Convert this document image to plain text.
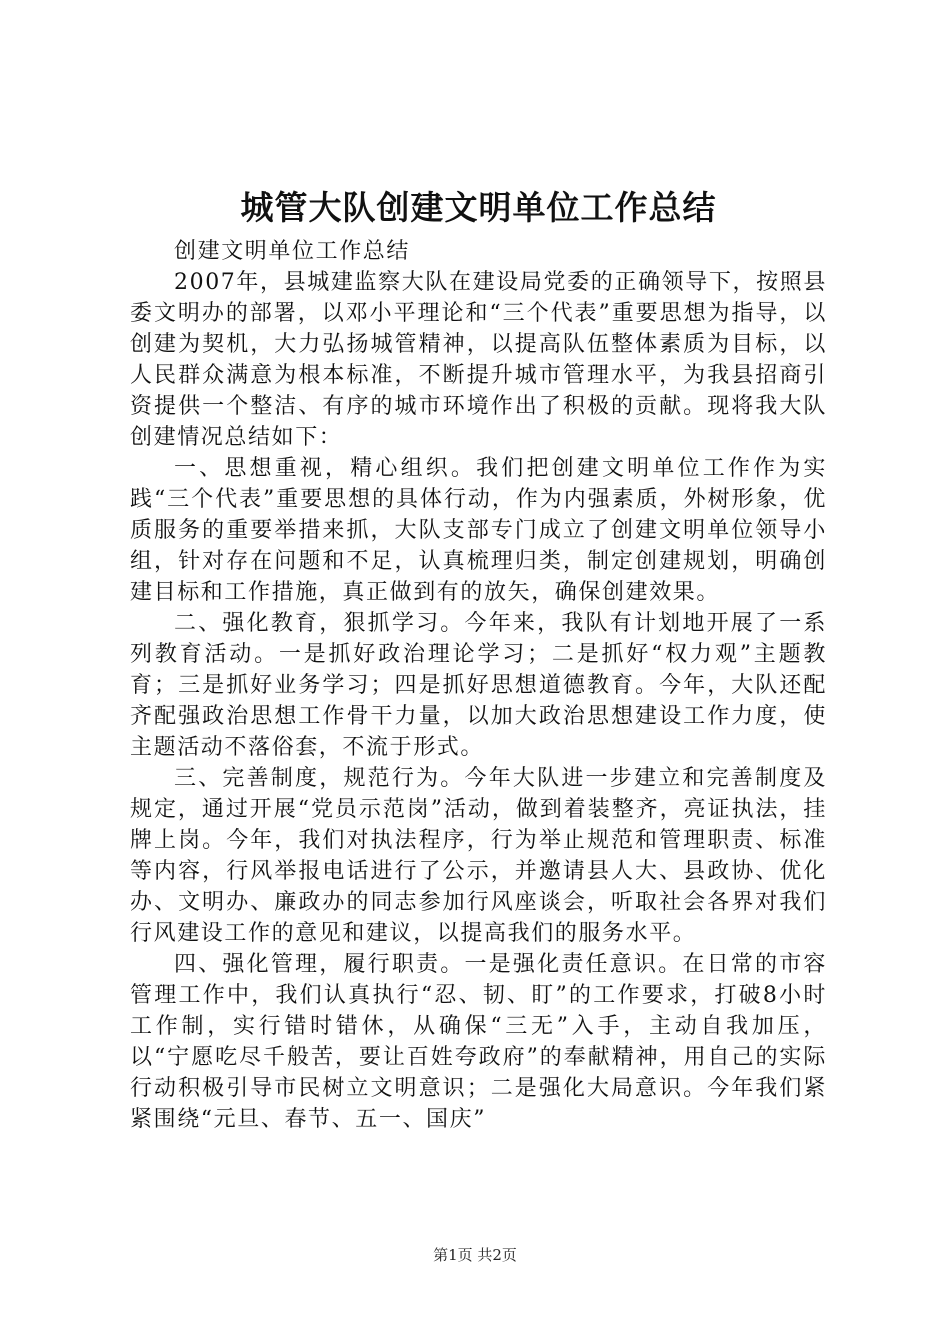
城管大队创建文明单位工作总结

创建文明单位工作总结

2007年，县城建监察大队在建设局党委的正确领导下，按照县委文明办的部署，以邓小平理论和“三个代表”重要思想为指导，以创建为契机，大力弘扬城管精神，以提高队伍整体素质为目标，以人民群众满意为根本标准，不断提升城市管理水平，为我县招商引资提供一个整洁、有序的城市环境作出了积极的贡献。现将我大队创建情况总结如下：

一、思想重视，精心组织。我们把创建文明单位工作作为实践“三个代表”重要思想的具体行动，作为内强素质，外树形象，优质服务的重要举措来抓，大队支部专门成立了创建文明单位领导小组，针对存在问题和不足，认真梳理归类，制定创建规划，明确创建目标和工作措施，真正做到有的放矢，确保创建效果。

二、强化教育，狠抓学习。今年来，我队有计划地开展了一系列教育活动。一是抓好政治理论学习；二是抓好“权力观”主题教育；三是抓好业务学习；四是抓好思想道德教育。今年，大队还配齐配强政治思想工作骨干力量，以加大政治思想建设工作力度，使主题活动不落俗套，不流于形式。

三、完善制度，规范行为。今年大队进一步建立和完善制度及规定，通过开展“党员示范岗”活动，做到着装整齐，亮证执法，挂牌上岗。今年，我们对执法程序，行为举止规范和管理职责、标准等内容，行风举报电话进行了公示，并邀请县人大、县政协、优化办、文明办、廉政办的同志参加行风座谈会，听取社会各界对我们行风建设工作的意见和建议，以提高我们的服务水平。

四、强化管理，履行职责。一是强化责任意识。在日常的市容管理工作中，我们认真执行“忍、韧、盯”的工作要求，打破8小时工作制，实行错时错休，从确保“三无”入手，主动自我加压，以“宁愿吃尽千般苦，要让百姓夸政府”的奉献精神，用自己的实际行动积极引导市民树立文明意识；二是强化大局意识。今年我们紧紧围绕“元旦、春节、五一、国庆”

第1页 共2页
